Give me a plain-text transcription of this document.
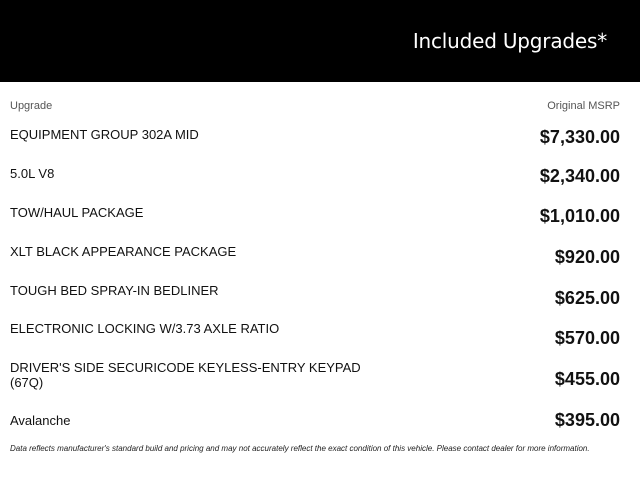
Included Upgrades*
Upgrade	Original MSRP
EQUIPMENT GROUP 302A MID	$7,330.00
5.0L V8	$2,340.00
TOW/HAUL PACKAGE	$1,010.00
XLT BLACK APPEARANCE PACKAGE	$920.00
TOUGH BED SPRAY-IN BEDLINER	$625.00
ELECTRONIC LOCKING W/3.73 AXLE RATIO	$570.00
DRIVER'S SIDE SECURICODE KEYLESS-ENTRY KEYPAD (67Q)	$455.00
Avalanche	$395.00
Data reflects manufacturer's standard build and pricing and may not accurately reflect the exact condition of this vehicle. Please contact dealer for more information.
